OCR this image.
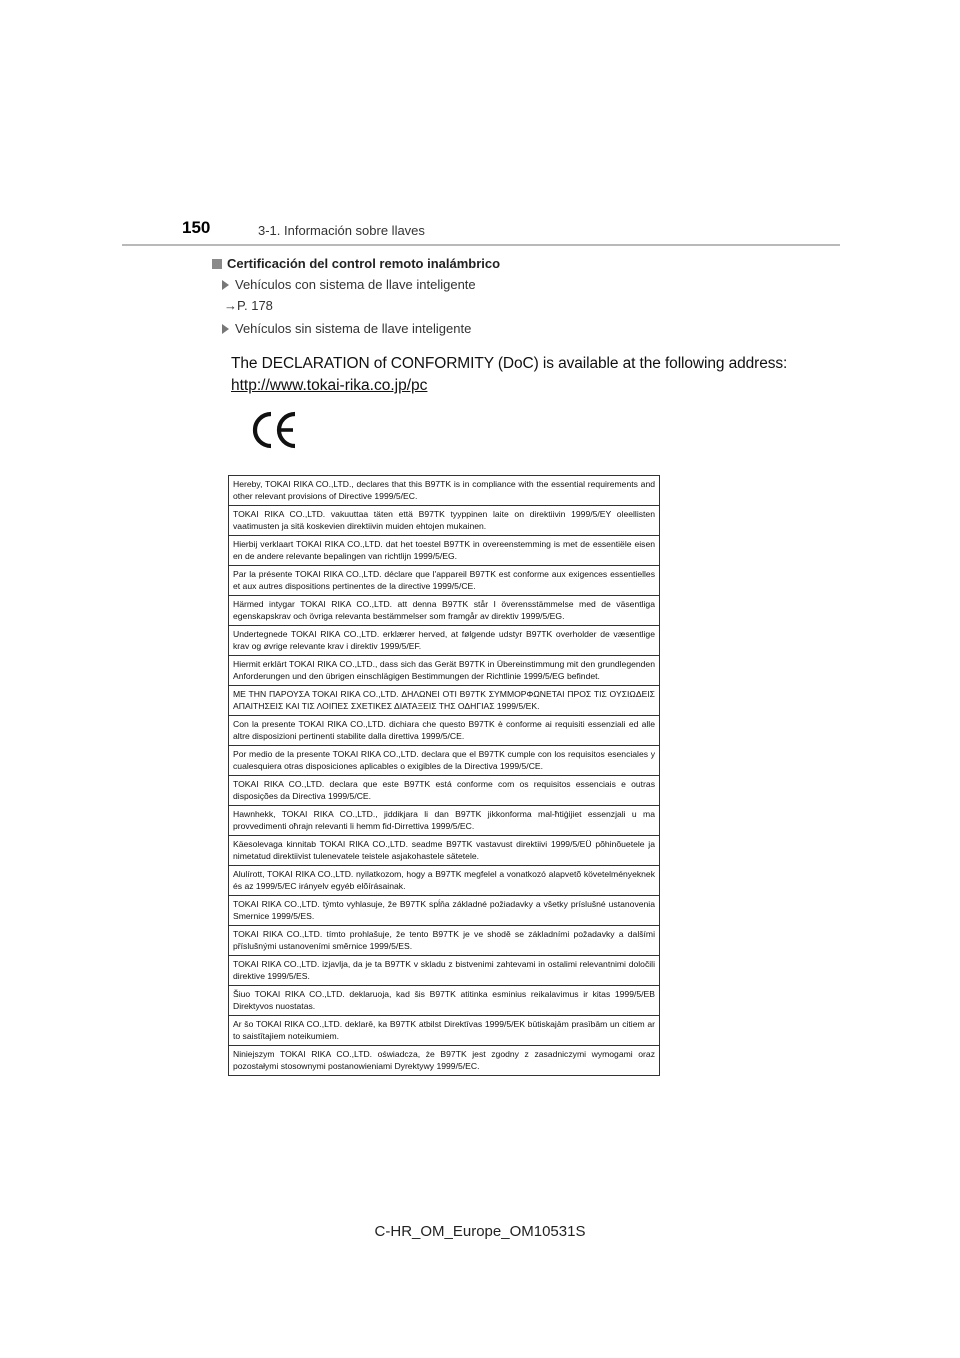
150	3-1. Información sobre llaves
Certificación del control remoto inalámbrico
Vehículos con sistema de llave inteligente
→P. 178
Vehículos sin sistema de llave inteligente
The DECLARATION of CONFORMITY (DoC) is available at the following address:
http://www.tokai-rika.co.jp/pc
Hereby, TOKAI RIKA CO.,LTD., declares that this B97TK is in compliance with the essential requirements and other relevant provisions of Directive 1999/5/EC.
TOKAI RIKA CO.,LTD. vakuuttaa täten että B97TK tyyppinen laite on direktiivin 1999/5/EY oleellisten vaatimusten ja sitä koskevien direktiivin muiden ehtojen mukainen.
Hierbij verklaart TOKAI RIKA CO.,LTD. dat het toestel B97TK in overeenstemming is met de essentiële eisen en de andere relevante bepalingen van richtlijn 1999/5/EG.
Par la présente TOKAI RIKA CO.,LTD. déclare que l'appareil B97TK est conforme aux exigences essentielles et aux autres dispositions pertinentes de la directive 1999/5/CE.
Härmed intygar TOKAI RIKA CO.,LTD. att denna B97TK står I överensstämmelse med de väsentliga egenskapskrav och övriga relevanta bestämmelser som framgår av direktiv 1999/5/EG.
Undertegnede TOKAI RIKA CO.,LTD. erklærer herved, at følgende udstyr B97TK overholder de væsentlige krav og øvrige relevante krav i direktiv 1999/5/EF.
Hiermit erklärt TOKAI RIKA CO.,LTD., dass sich das Gerät B97TK in Übereinstimmung mit den grundlegenden Anforderungen und den übrigen einschlägigen Bestimmungen der Richtlinie 1999/5/EG befindet.
ΜΕ ΤΗΝ ΠΑΡΟΥΣΑ TOKAI RIKA CO.,LTD. ΔΗΛΩΝΕΙ ΟΤΙ B97TK ΣΥΜΜΟΡΦΩΝΕΤΑΙ ΠΡΟΣ ΤΙΣ ΟΥΣΙΩΔΕΙΣ ΑΠΑΙΤΗΣΕΙΣ ΚΑΙ ΤΙΣ ΛΟΙΠΕΣ ΣΧΕΤΙΚΕΣ ΔΙΑΤΑΞΕΙΣ ΤΗΣ ΟΔΗΓΙΑΣ 1999/5/ΕΚ.
Con la presente TOKAI RIKA CO.,LTD. dichiara che questo B97TK è conforme ai requisiti essenziali ed alle altre disposizioni pertinenti stabilite dalla direttiva 1999/5/CE.
Por medio de la presente TOKAI RIKA CO.,LTD. declara que el B97TK cumple con los requisitos esenciales y cualesquiera otras disposiciones aplicables o exigibles de la Directiva 1999/5/CE.
TOKAI RIKA CO.,LTD. declara que este B97TK está conforme com os requisitos essenciais e outras disposições da Directiva 1999/5/CE.
Hawnhekk, TOKAI RIKA CO.,LTD., jiddikjara li dan B97TK jikkonforma mal-ħtiġijiet essenzjali u ma provvedimenti oħrajn relevanti li hemm fid-Dirrettiva 1999/5/EC.
Käesolevaga kinnitab TOKAI RIKA CO.,LTD. seadme B97TK vastavust direktiivi 1999/5/EÜ põhinõuetele ja nimetatud direktiivist tulenevatele teistele asjakohastele sätetele.
Alulírott, TOKAI RIKA CO.,LTD. nyilatkozom, hogy a B97TK megfelel a vonatkozó alapvetõ követelményeknek és az 1999/5/EC irányelv egyéb elõírásainak.
TOKAI RIKA CO.,LTD. týmto vyhlasuje, že B97TK spĺňa základné požiadavky a všetky príslušné ustanovenia Smernice 1999/5/ES.
TOKAI RIKA CO.,LTD. tímto prohlašuje, že tento B97TK je ve shodě se základními požadavky a dalšími příslušnými ustanoveními směrnice 1999/5/ES.
TOKAI RIKA CO.,LTD. izjavlja, da je ta B97TK v skladu z bistvenimi zahtevami in ostalimi relevantnimi določili direktive 1999/5/ES.
Šiuo TOKAI RIKA CO.,LTD. deklaruoja, kad šis B97TK atitinka esminius reikalavimus ir kitas 1999/5/EB Direktyvos nuostatas.
Ar šo TOKAI RIKA CO.,LTD. deklarē, ka B97TK atbilst Direktīvas 1999/5/EK būtiskajām prasībām un citiem ar to saistītajiem noteikumiem.
Niniejszym TOKAI RIKA CO.,LTD. oświadcza, że B97TK jest zgodny z zasadniczymi wymogami oraz pozostałymi stosownymi postanowieniami Dyrektywy 1999/5/EC.
C-HR_OM_Europe_OM10531S
